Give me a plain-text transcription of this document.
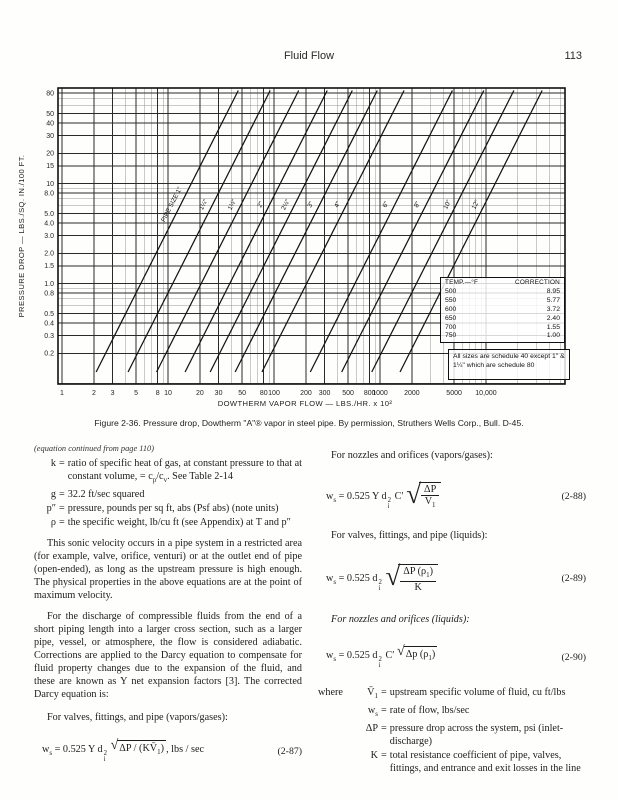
Fluid Flow	113
1	2 3	5	8 10	20 30 50 80 100	200 300 500 800
1000 2000	5000 10,000
80
50
40
30
20
15
10
8.0
5.0
4.0
3.0
2.0
1.5
1.0
0.8
0.5
0.4
0.3
0.2
PIPE SIZE 1" 1¼"	1½"	2" 2½" 3"	4"	6"	8"	10"	12"
PRESSURE DROP — LBS./SQ. IN./100 FT.
DOWTHERM VAPOR FLOW — LBS./HR. x 10²
TEMP.—°F	CORRECTION
500	8.95
550	5.77
600	3.72
650	2.40
700	1.55
750	1.00
All sizes are schedule 40 except 1" & 1¼" which are schedule 80
Figure 2-36. Pressure drop, Dowtherm "A"® vapor in steel pipe. By permission, Struthers Wells Corp., Bull. D-45.
(equation continued from page 110)
k = ratio of specific heat of gas, at constant pressure to that at constant volume, = $c_p/c_v$. See Table 2-14
g = 32.2 ft/sec squared
p″ = pressure, pounds per sq ft, abs (Psf abs) (note units)
ρ = the specific weight, lb/cu ft (see Appendix) at T and p″

This sonic velocity occurs in a pipe system in a restricted area (for example, valve, orifice, venturi) or at the outlet end of pipe (open-ended), as long as the upstream pressure is high enough. The physical properties in the above equations are at the point of maximum velocity.

For the discharge of compressible fluids from the end of a short piping length into a larger cross section, such as a larger pipe, vessel, or atmosphere, the flow is considered adiabatic. Corrections are applied to the Darcy equation to compensate for fluid property changes due to the expansion of the fluid, and these are known as Y net expansion factors [3]. The corrected Darcy equation is:

For valves, fittings, and pipe (vapors/gases):

$w_s = 0.525$ Y d 2
i

√ ΔP / $(KV̄_1)$ , lbs / sec	(2-87)

For nozzles and orifices (vapors/gases):

$w_s = 0.525$ Y d 2
i
C′ √ $\frac{\Delta P}{V̄_1}$	(2-88)

For valves, fittings, and pipe (liquids):

$w_s = 0.525$ d 2
i
√ $\frac{\Delta P (\rho_1)}{K}$	(2-89)

For nozzles and orifices (liquids):

$w_s = 0.525$ d 2
i
C′ √ Δp $(\rho_1)$	(2-90)
where	$V̄_1$ = upstream specific volume of fluid, cu ft/lbs
$w_s$ = rate of flow, lbs/sec
ΔP = pressure drop across the system, psi (inlet-discharge)
K = total resistance coefficient of pipe, valves, fittings, and entrance and exit losses in the line
